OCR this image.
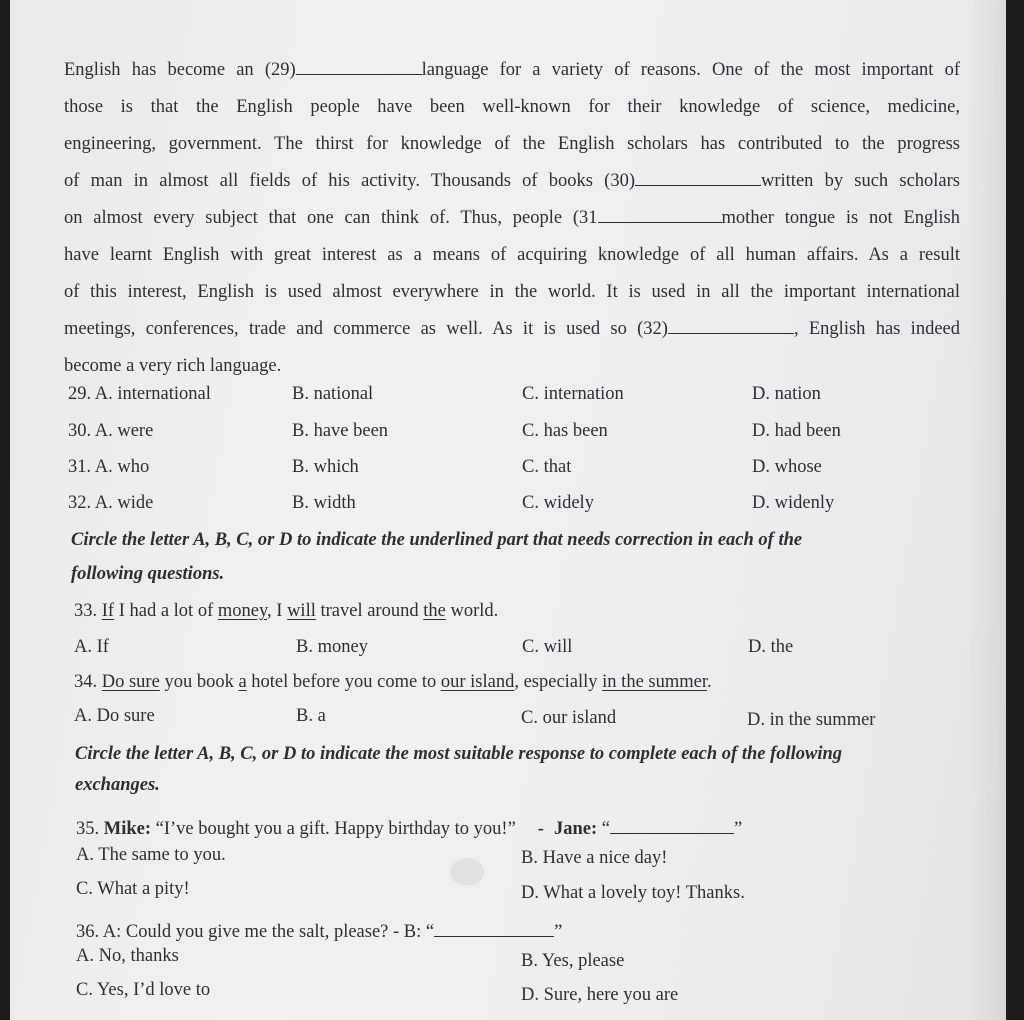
English has become an (29)	language for a variety of reasons. One of the most important of
those is that the English people have been well-known for their knowledge of science, medicine,
engineering, government. The thirst for knowledge of the English scholars has contributed to the progress
of man in almost all fields of his activity. Thousands of books (30)	written by such scholars
on almost every subject that one can think of. Thus, people (31	mother tongue is not English
have learnt English with great interest as a means of acquiring knowledge of all human affairs. As a result
of this interest, English is used almost everywhere in the world. It is used in all the important international
meetings, conferences, trade and commerce as well. As it is used so (32)	, English has indeed
become a very rich language.
29. A. international	B. national	C. internation	D. nation
30. A. were	B. have been	C. has been	D. had been
31. A. who	B. which	C. that	D. whose
32. A. wide	B. width	C. widely	D. widenly
Circle the letter A, B, C, or D to indicate the underlined part that needs correction in each of the
following questions.
33. If I had a lot of money, I will travel around the world.
A. If	B. money	C. will	D. the
34. Do sure you book a hotel before you come to our island, especially in the summer.
A. Do sure	B. a	C. our island	D. in the summer
Circle the letter A, B, C, or D to indicate the most suitable response to complete each of the following
exchanges.
35. Mike: “I’ve bought you a gift. Happy birthday to you!” - Jane: “	”
A. The same to you.	B. Have a nice day!
C. What a pity!	D. What a lovely toy! Thanks.
36. A: Could you give me the salt, please? - B: “	”
A. No, thanks	B. Yes, please
C. Yes, I’d love to	D. Sure, here you are
